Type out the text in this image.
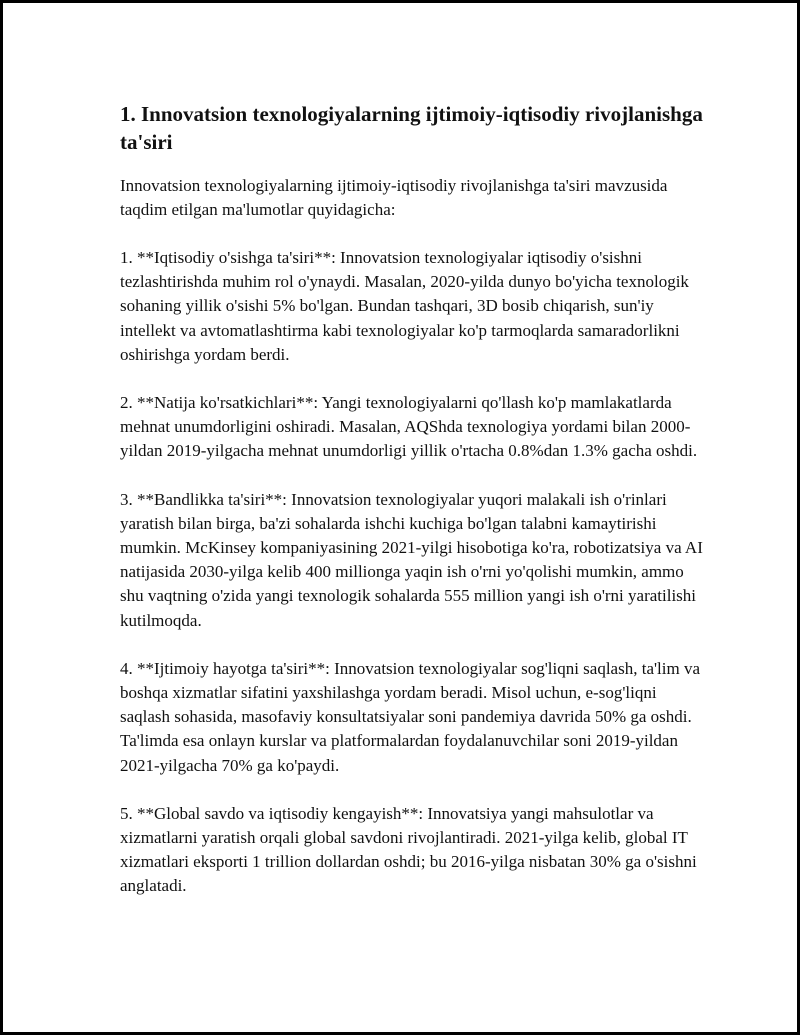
1. Innovatsion texnologiyalarning ijtimoiy-iqtisodiy rivojlanishga ta'siri

Innovatsion texnologiyalarning ijtimoiy-iqtisodiy rivojlanishga ta'siri mavzusida taqdim etilgan ma'lumotlar quyidagicha:

1. **Iqtisodiy o'sishga ta'siri**: Innovatsion texnologiyalar iqtisodiy o'sishni tezlashtirishda muhim rol o'ynaydi. Masalan, 2020-yilda dunyo bo'yicha texnologik sohaning yillik o'sishi 5% bo'lgan. Bundan tashqari, 3D bosib chiqarish, sun'iy intellekt va avtomatlashtirma kabi texnologiyalar ko'p tarmoqlarda samaradorlikni oshirishga yordam berdi.

2. **Natija ko'rsatkichlari**: Yangi texnologiyalarni qo'llash ko'p mamlakatlarda mehnat unumdorligini oshiradi. Masalan, AQShda texnologiya yordami bilan 2000-yildan 2019-yilgacha mehnat unumdorligi yillik o'rtacha 0.8%dan 1.3% gacha oshdi.

3. **Bandlikka ta'siri**: Innovatsion texnologiyalar yuqori malakali ish o'rinlari yaratish bilan birga, ba'zi sohalarda ishchi kuchiga bo'lgan talabni kamaytirishi mumkin. McKinsey kompaniyasining 2021-yilgi hisobotiga ko'ra, robotizatsiya va AI natijasida 2030-yilga kelib 400 millionga yaqin ish o'rni yo'qolishi mumkin, ammo shu vaqtning o'zida yangi texnologik sohalarda 555 million yangi ish o'rni yaratilishi kutilmoqda.

4. **Ijtimoiy hayotga ta'siri**: Innovatsion texnologiyalar sog'liqni saqlash, ta'lim va boshqa xizmatlar sifatini yaxshilashga yordam beradi. Misol uchun, e-sog'liqni saqlash sohasida, masofaviy konsultatsiyalar soni pandemiya davrida 50% ga oshdi. Ta'limda esa onlayn kurslar va platformalardan foydalanuvchilar soni 2019-yildan 2021-yilgacha 70% ga ko'paydi.

5. **Global savdo va iqtisodiy kengayish**: Innovatsiya yangi mahsulotlar va xizmatlarni yaratish orqali global savdoni rivojlantiradi. 2021-yilga kelib, global IT xizmatlari eksporti 1 trillion dollardan oshdi; bu 2016-yilga nisbatan 30% ga o'sishni anglatadi.
